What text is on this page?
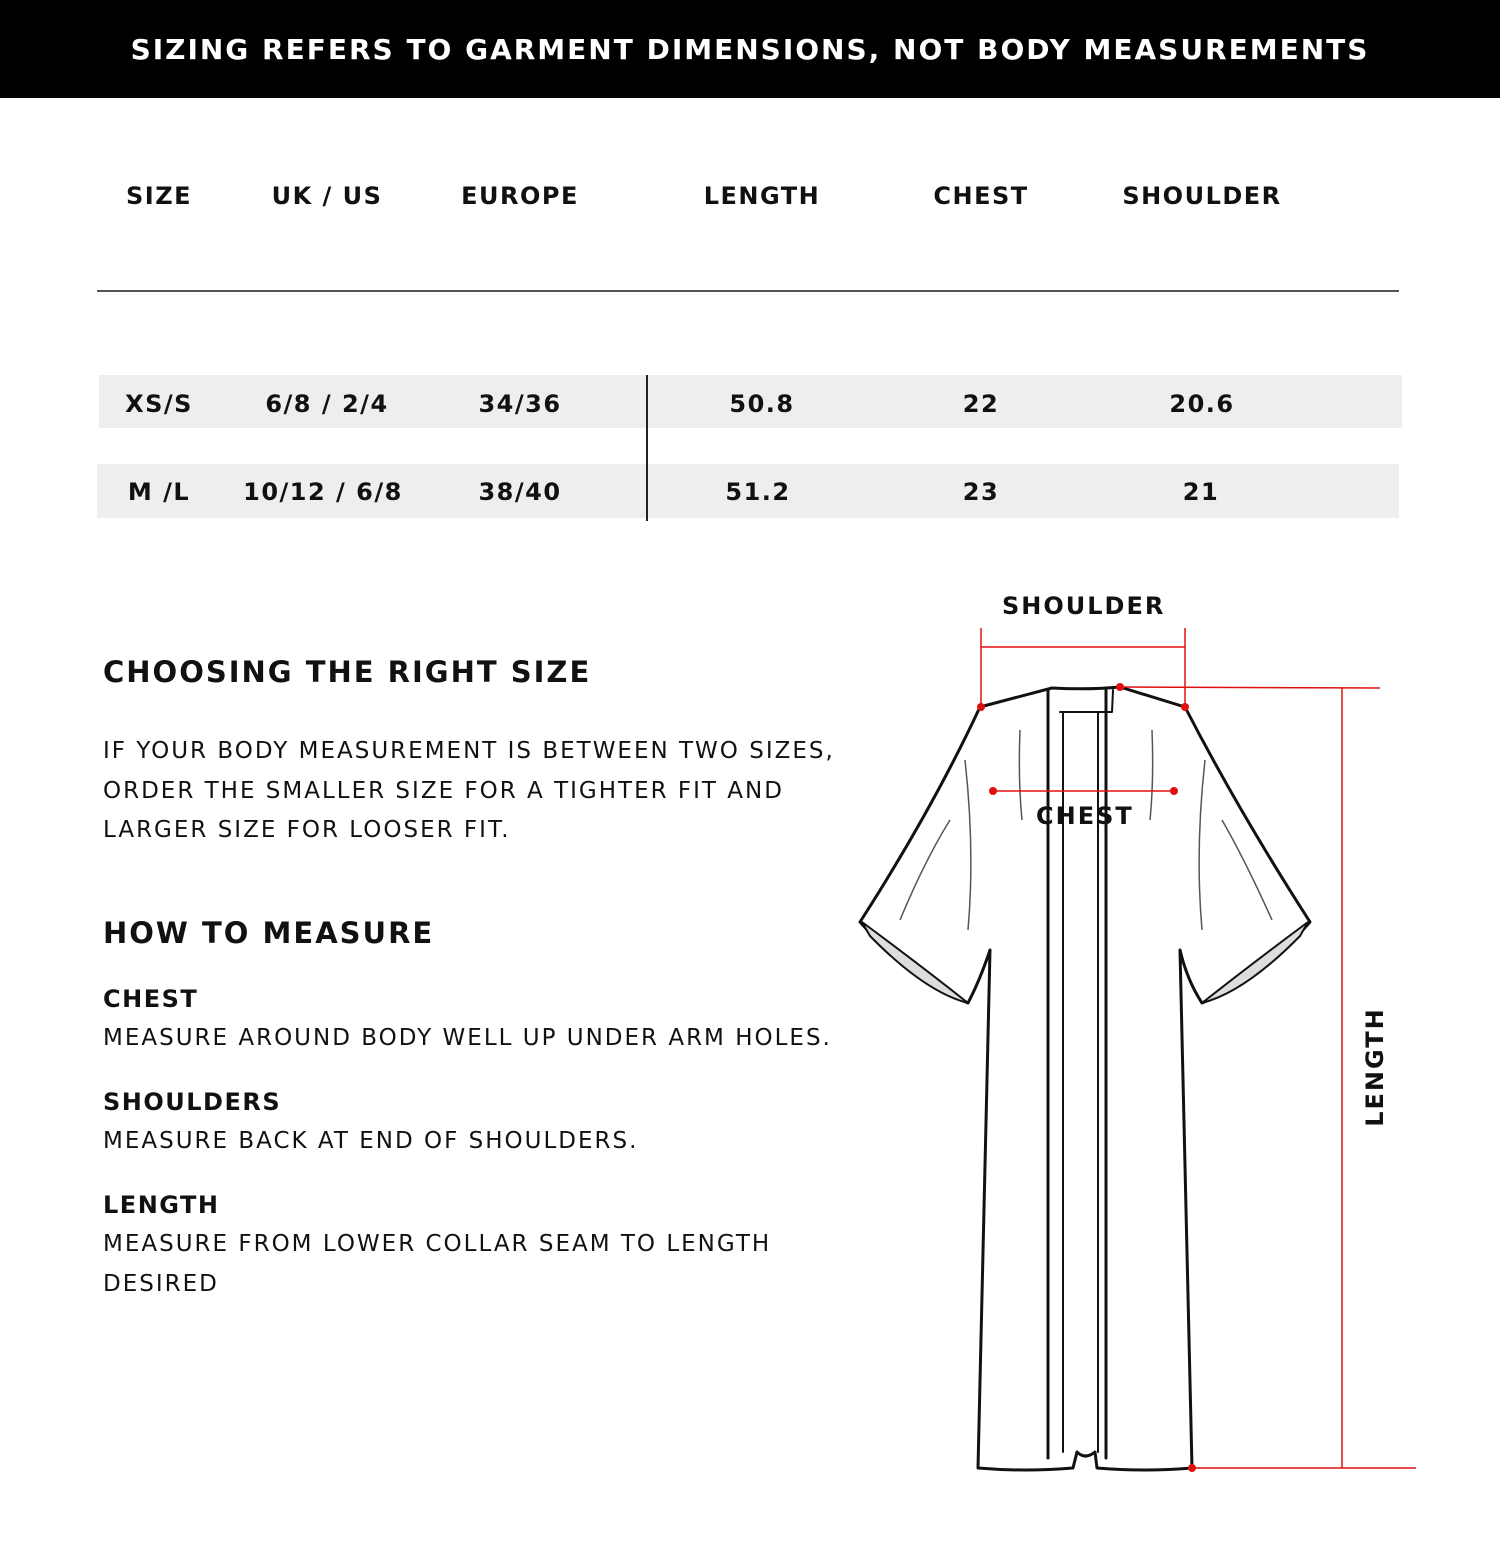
SIZING REFERS TO GARMENT DIMENSIONS, NOT BODY MEASUREMENTS
SIZE	UK / US	EUROPE	LENGTH	CHEST	SHOULDER
XS/S	6/8 / 2/4	34/36	50.8	22	20.6
M /L	10/12 / 6/8	38/40	51.2	23	21
CHOOSING THE RIGHT SIZE
IF YOUR BODY MEASUREMENT IS BETWEEN TWO SIZES,
ORDER THE SMALLER SIZE FOR A TIGHTER FIT AND
LARGER SIZE FOR LOOSER FIT.
HOW TO MEASURE
CHEST
MEASURE AROUND BODY WELL UP UNDER ARM HOLES.
SHOULDERS
MEASURE BACK AT END OF SHOULDERS.
LENGTH
MEASURE FROM LOWER COLLAR SEAM TO LENGTH
DESIRED
SHOULDER
CHEST
LENGTH
